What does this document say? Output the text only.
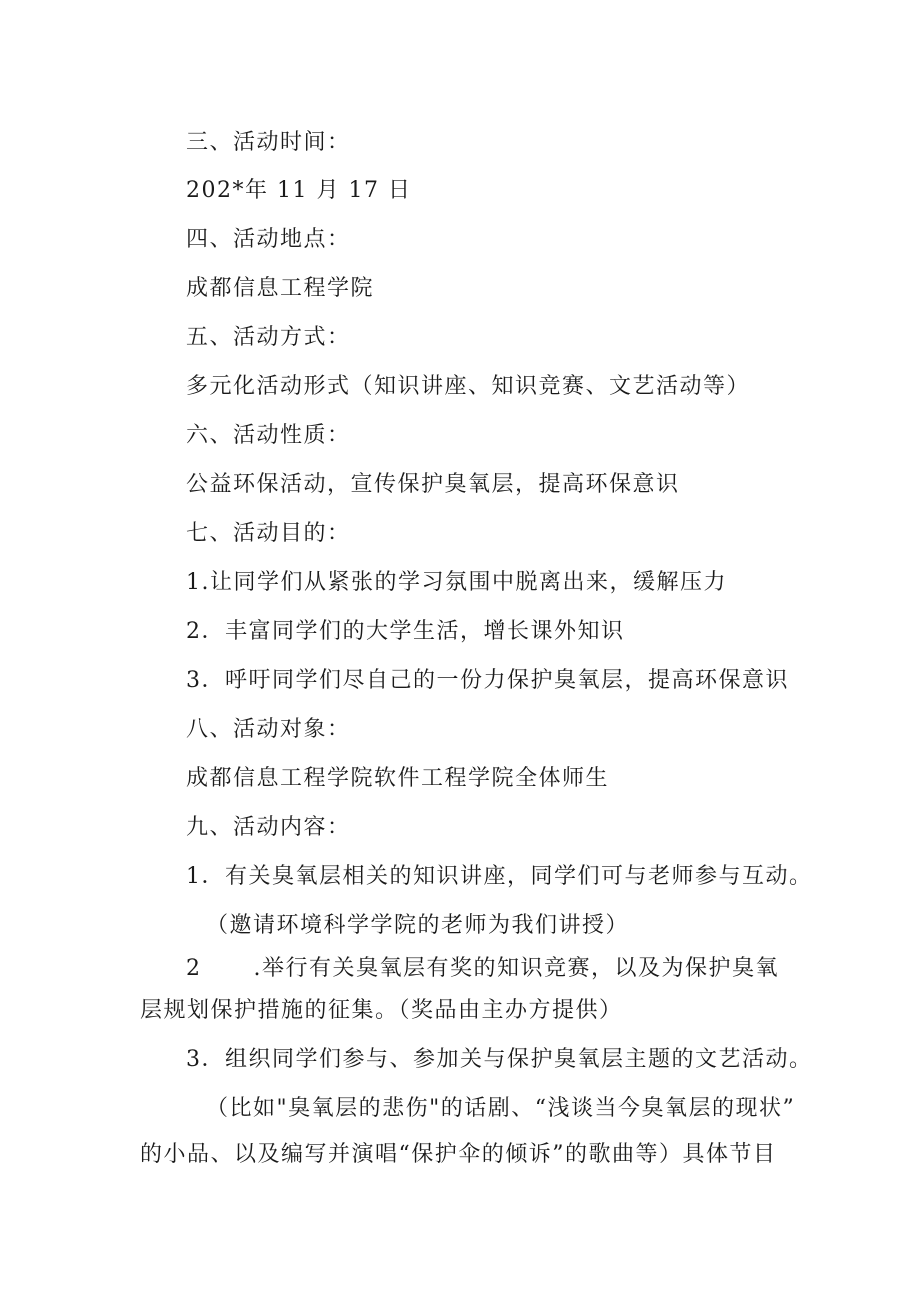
三、活动时间：
202*年 11 月 17 日
四、活动地点：
成都信息工程学院
五、活动方式：
多元化活动形式（知识讲座、知识竞赛、文艺活动等）
六、活动性质：
公益环保活动，宣传保护臭氧层，提高环保意识
七、活动目的：
1.让同学们从紧张的学习氛围中脱离出来，缓解压力
2．丰富同学们的大学生活，增长课外知识
3．呼吁同学们尽自己的一份力保护臭氧层，提高环保意识
八、活动对象：
成都信息工程学院软件工程学院全体师生
九、活动内容：
1．有关臭氧层相关的知识讲座，同学们可与老师参与互动。
（邀请环境科学学院的老师为我们讲授）
2 .举行有关臭氧层有奖的知识竞赛，以及为保护臭氧
层规划保护措施的征集。（奖品由主办方提供）
3．组织同学们参与、参加关与保护臭氧层主题的文艺活动。
（比如"臭氧层的悲伤"的话剧、“浅谈当今臭氧层的现状”
的小品、以及编写并演唱“保护伞的倾诉”的歌曲等）具体节目
